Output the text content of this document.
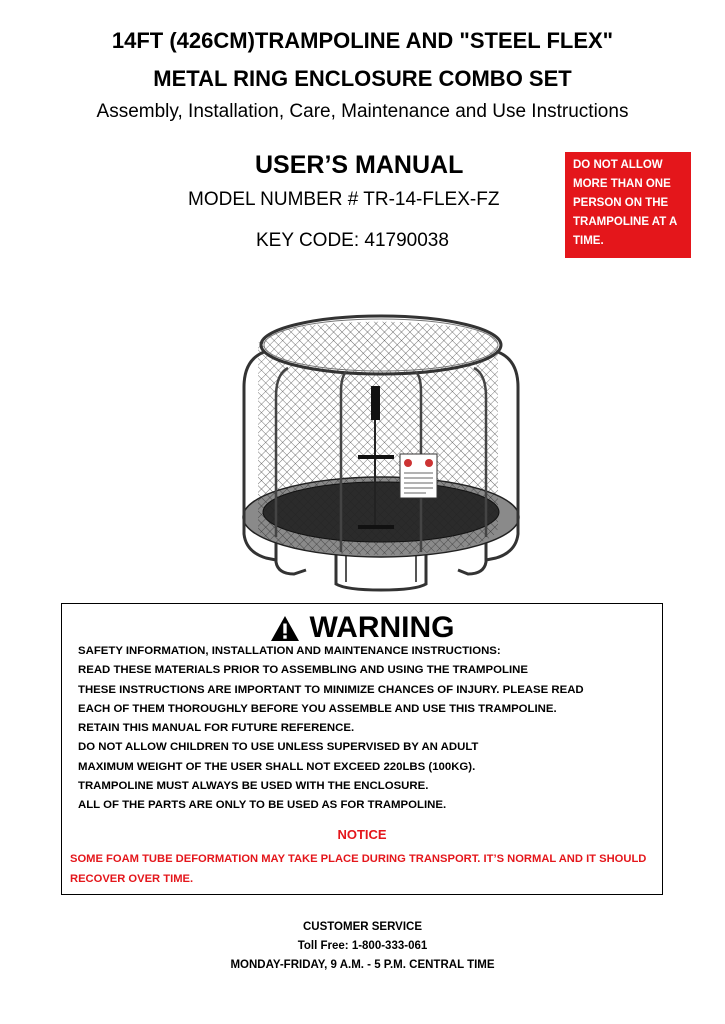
14FT (426CM)TRAMPOLINE AND "STEEL FLEX"
METAL RING ENCLOSURE COMBO SET
Assembly, Installation, Care, Maintenance and Use Instructions
USER’S MANUAL
MODEL NUMBER # TR-14-FLEX-FZ
KEY CODE: 41790038
DO NOT ALLOW
MORE THAN ONE
PERSON ON THE
TRAMPOLINE AT A
TIME.
WARNING
SAFETY INFORMATION, INSTALLATION AND MAINTENANCE INSTRUCTIONS:
READ THESE MATERIALS PRIOR TO ASSEMBLING AND USING THE TRAMPOLINE
THESE INSTRUCTIONS ARE IMPORTANT TO MINIMIZE CHANCES OF INJURY. PLEASE READ
EACH OF THEM THOROUGHLY BEFORE YOU ASSEMBLE AND USE THIS TRAMPOLINE.
RETAIN THIS MANUAL FOR FUTURE REFERENCE.
DO NOT ALLOW CHILDREN TO USE UNLESS SUPERVISED BY AN ADULT
MAXIMUM WEIGHT OF THE USER SHALL NOT EXCEED 220LBS (100KG).
TRAMPOLINE MUST ALWAYS BE USED WITH THE ENCLOSURE.
ALL OF THE PARTS ARE ONLY TO BE USED AS FOR TRAMPOLINE.
NOTICE
SOME FOAM TUBE DEFORMATION MAY TAKE PLACE DURING TRANSPORT. IT’S NORMAL AND IT SHOULD RECOVER OVER TIME.
CUSTOMER SERVICE
Toll Free: 1-800-333-061
MONDAY-FRIDAY, 9 A.M. - 5 P.M. CENTRAL TIME
